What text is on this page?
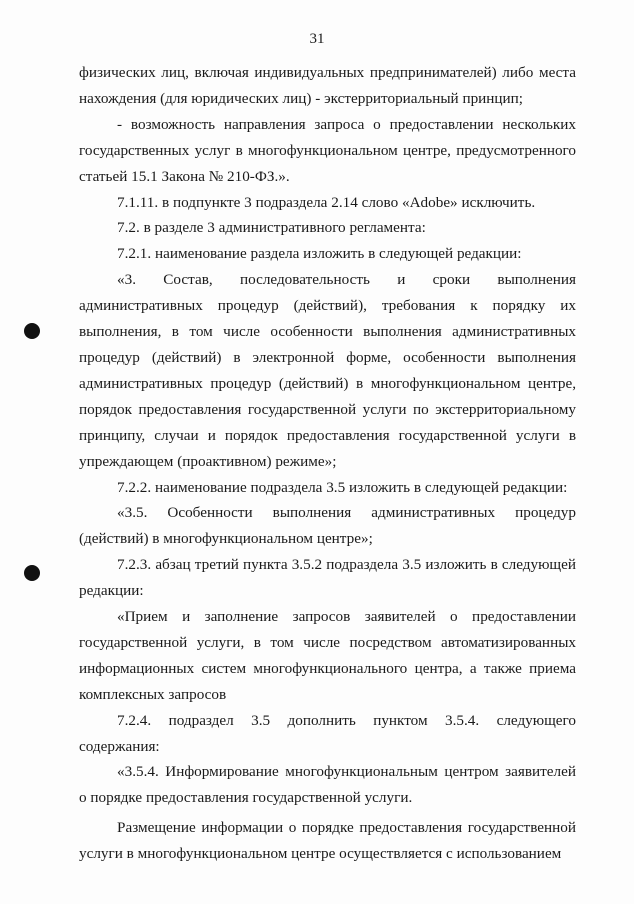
31

физических лиц, включая индивидуальных предпринимателей) либо места нахождения (для юридических лиц) - экстерриториальный принцип;

- возможность направления запроса о предоставлении нескольких государственных услуг в многофункциональном центре, предусмотренного статьей 15.1 Закона № 210-ФЗ.».

7.1.11. в подпункте 3 подраздела 2.14 слово «Adobe» исключить.

7.2. в разделе 3 административного регламента:

7.2.1. наименование раздела изложить в следующей редакции:

«3. Состав, последовательность и сроки выполнения административных процедур (действий), требования к порядку их выполнения, в том числе особенности выполнения административных процедур (действий) в электронной форме, особенности выполнения административных процедур (действий) в многофункциональном центре, порядок предоставления государственной услуги по экстерриториальному принципу, случаи и порядок предоставления государственной услуги в упреждающем (проактивном) режиме»;

7.2.2. наименование подраздела 3.5 изложить в следующей редакции:

«3.5. Особенности выполнения административных процедур (действий) в многофункциональном центре»;

7.2.3. абзац третий пункта 3.5.2 подраздела 3.5 изложить в следующей редакции:

«Прием и заполнение запросов заявителей о предоставлении государственной услуги, в том числе посредством автоматизированных информационных систем многофункционального центра, а также приема комплексных запросов

7.2.4. подраздел 3.5 дополнить пунктом 3.5.4. следующего содержания:

«3.5.4. Информирование многофункциональным центром заявителей о порядке предоставления государственной услуги.

Размещение информации о порядке предоставления государственной услуги в многофункциональном центре осуществляется с использованием
